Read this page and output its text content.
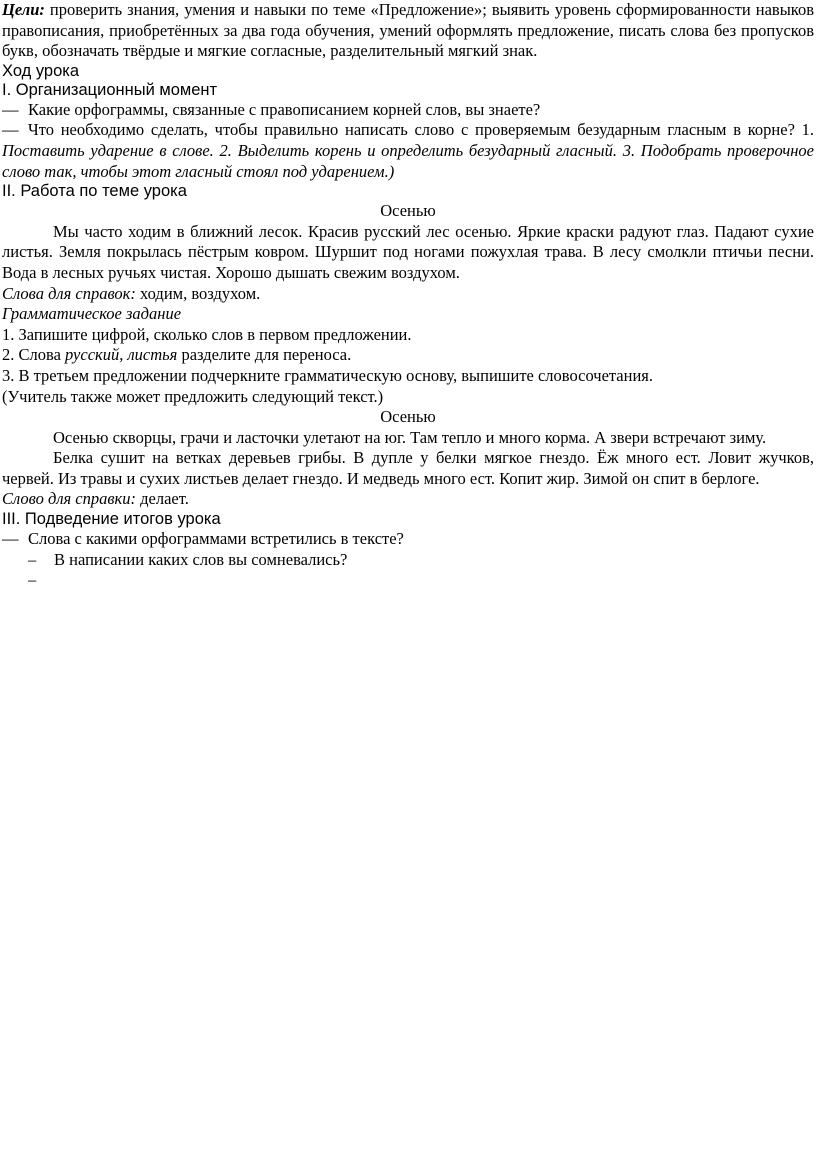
Цели: проверить знания, умения и навыки по теме «Предложение»; выявить уровень сформированности навыков правописания, приобретённых за два года обучения, умений оформлять предложение, писать слова без пропусков букв, обозначать твёрдые и мягкие согласные, разделительный мягкий знак.

Ход урока

I. Организационный момент

— Какие орфограммы, связанные с правописанием корней слов, вы знаете?

— Что необходимо сделать, чтобы правильно написать слово с проверяемым безударным гласным в корне? 1. Поставить ударение в слове. 2. Выделить корень и определить безударный гласный. 3. Подобрать проверочное слово так, чтобы этот гласный стоял под ударением.)

II. Работа по теме урока

Осенью

Мы часто ходим в ближний лесок. Красив русский лес осенью. Яркие краски радуют глаз. Падают сухие листья. Земля покрылась пёстрым ковром. Шуршит под ногами пожухлая трава. В лесу смолкли птичьи песни. Вода в лесных ручьях чистая. Хорошо дышать свежим воздухом.

Слова для справок: ходим, воздухом.

Грамматическое задание

1. Запишите цифрой, сколько слов в первом предложении.

2. Слова русский, листья разделите для переноса.

3. В третьем предложении подчеркните грамматическую основу, выпишите словосочетания.

(Учитель также может предложить следующий текст.)

Осенью

Осенью скворцы, грачи и ласточки улетают на юг. Там тепло и много корма. А звери встречают зиму.

Белка сушит на ветках деревьев грибы. В дупле у белки мягкое гнездо. Ёж много ест. Ловит жучков, червей. Из травы и сухих листьев делает гнездо. И медведь много ест. Копит жир. Зимой он спит в берлоге.

Слово для справки: делает.

III. Подведение итогов урока

— Слова с какими орфограммами встретились в тексте?

– В написании каких слов вы сомневались?

–
